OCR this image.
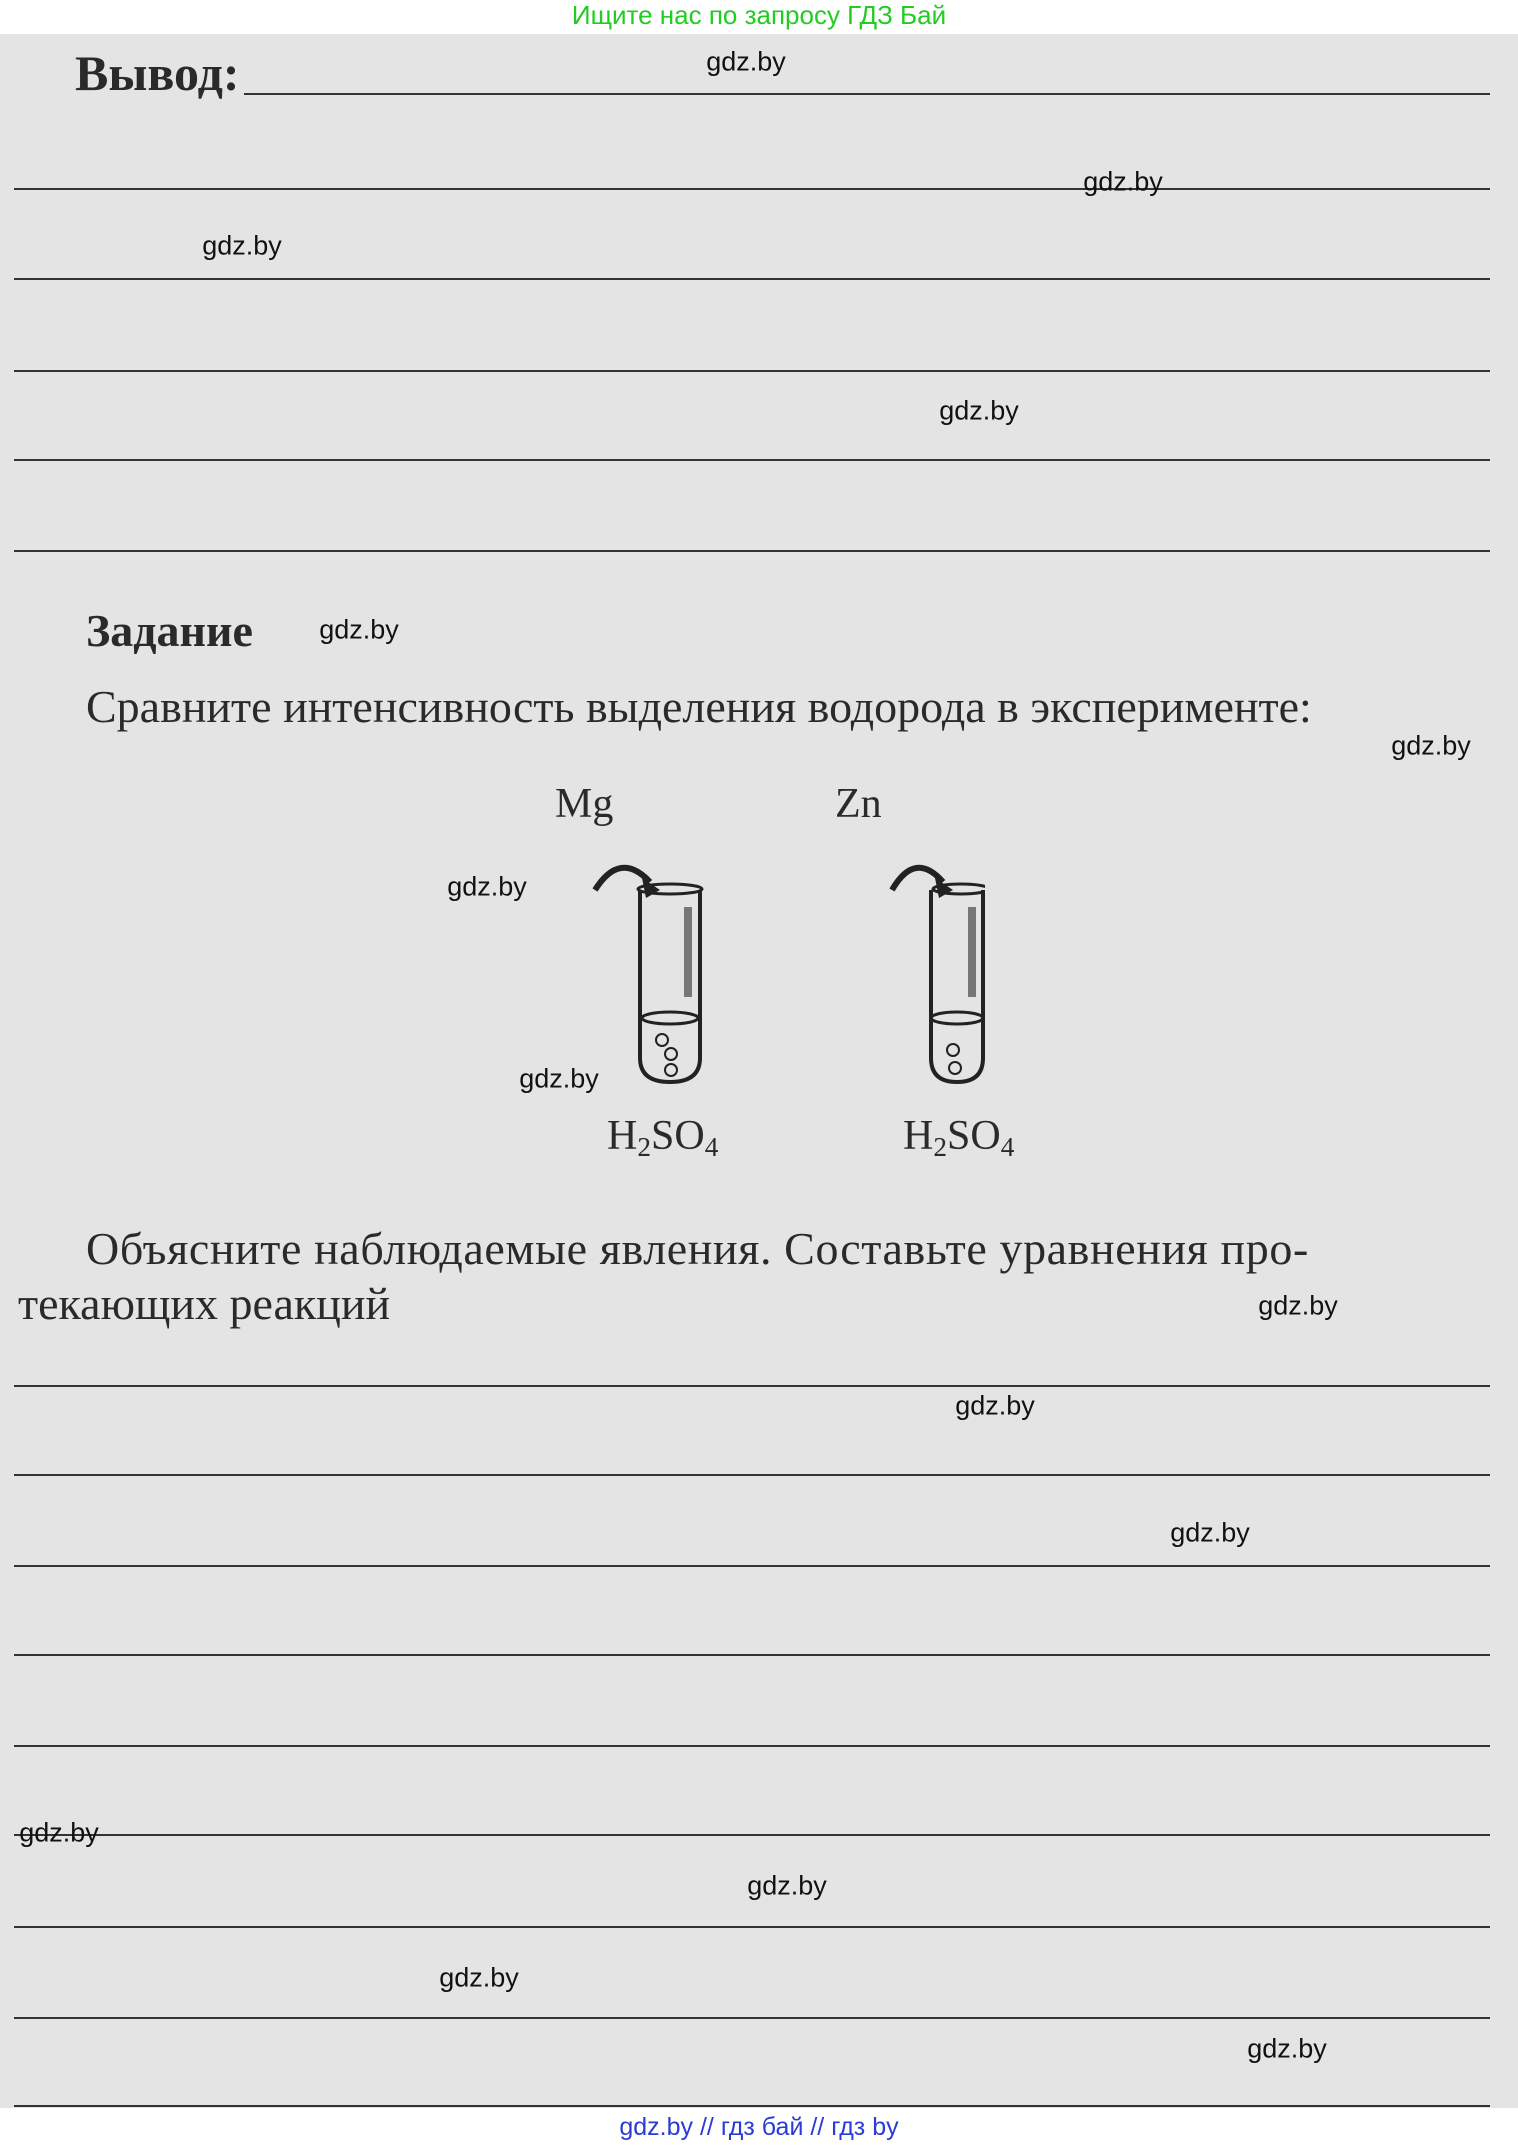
Ищите нас по запросу ГДЗ Бай
Вывод:
Задание
Сравните интенсивность выделения водорода в эксперименте:
Mg
$H_2SO_4$
Zn
$H_2SO_4$
Объясните наблюдаемые явления. Составьте уравнения про-
текающих реакций
gdz.by
gdz.by
gdz.by
gdz.by
gdz.by
gdz.by
gdz.by
gdz.by
gdz.by
gdz.by
gdz.by
gdz.by
gdz.by
gdz.by
gdz.by
gdz.by // гдз бай // гдз by
